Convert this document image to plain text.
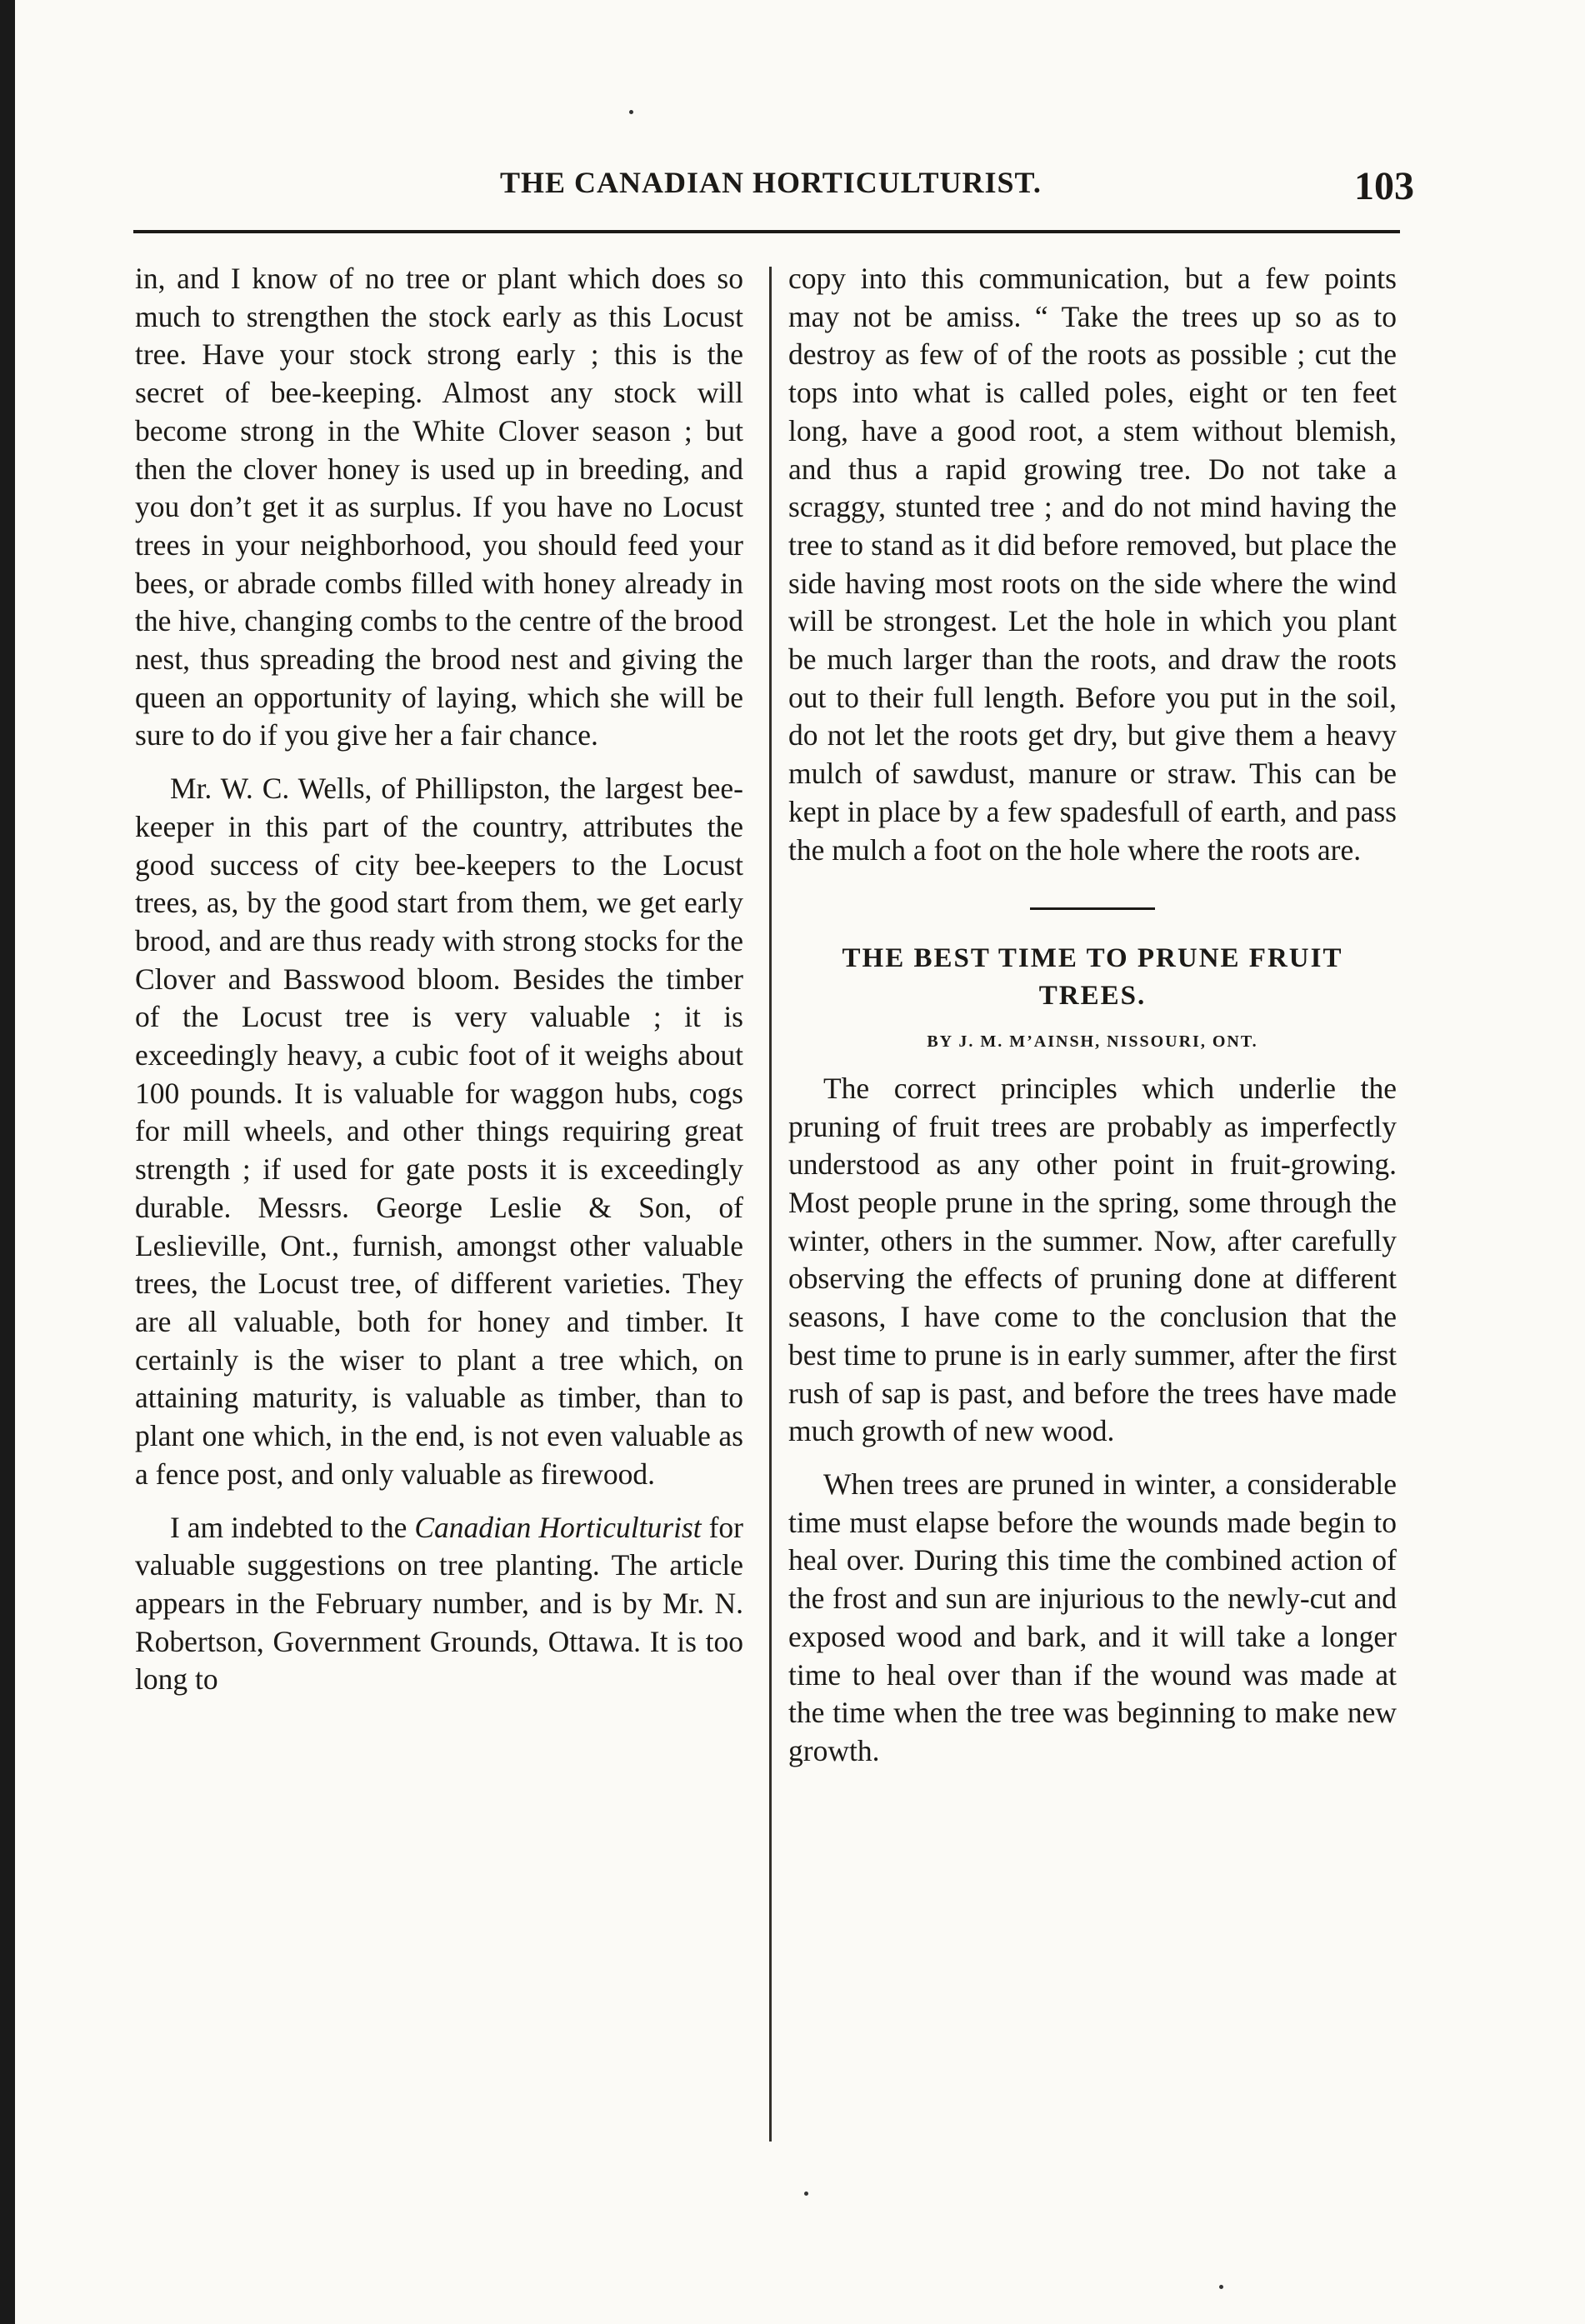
THE CANADIAN HORTICULTURIST.	103

in, and I know of no tree or plant which does so much to strengthen the stock early as this Locust tree. Have your stock strong early ; this is the secret of bee-keeping. Almost any stock will become strong in the White Clover season ; but then the clover honey is used up in breeding, and you don’t get it as surplus. If you have no Locust trees in your neighborhood, you should feed your bees, or abrade combs filled with honey already in the hive, changing combs to the centre of the brood nest, thus spreading the brood nest and giving the queen an opportunity of laying, which she will be sure to do if you give her a fair chance.

Mr. W. C. Wells, of Phillipston, the largest bee-keeper in this part of the country, attributes the good success of city bee-keepers to the Locust trees, as, by the good start from them, we get early brood, and are thus ready with strong stocks for the Clover and Basswood bloom. Besides the timber of the Locust tree is very valuable ; it is exceedingly heavy, a cubic foot of it weighs about 100 pounds. It is valuable for waggon hubs, cogs for mill wheels, and other things requiring great strength ; if used for gate posts it is exceedingly durable. Messrs. George Leslie & Son, of Leslieville, Ont., furnish, amongst other valuable trees, the Locust tree, of different varieties. They are all valuable, both for honey and timber. It certainly is the wiser to plant a tree which, on attaining maturity, is valuable as timber, than to plant one which, in the end, is not even valuable as a fence post, and only valuable as firewood.

I am indebted to the Canadian Horticulturist for valuable suggestions on tree planting. The article appears in the February number, and is by Mr. N. Robertson, Government Grounds, Ottawa. It is too long to

copy into this communication, but a few points may not be amiss. “ Take the trees up so as to destroy as few of of the roots as possible ; cut the tops into what is called poles, eight or ten feet long, have a good root, a stem without blemish, and thus a rapid growing tree. Do not take a scraggy, stunted tree ; and do not mind having the tree to stand as it did before removed, but place the side having most roots on the side where the wind will be strongest. Let the hole in which you plant be much larger than the roots, and draw the roots out to their full length. Before you put in the soil, do not let the roots get dry, but give them a heavy mulch of sawdust, manure or straw. This can be kept in place by a few spadesfull of earth, and pass the mulch a foot on the hole where the roots are.

THE BEST TIME TO PRUNE FRUIT TREES.
BY J. M. M’AINSH, NISSOURI, ONT.

The correct principles which underlie the pruning of fruit trees are probably as imperfectly understood as any other point in fruit-growing. Most people prune in the spring, some through the winter, others in the summer. Now, after carefully observing the effects of pruning done at different seasons, I have come to the conclusion that the best time to prune is in early summer, after the first rush of sap is past, and before the trees have made much growth of new wood.

When trees are pruned in winter, a considerable time must elapse before the wounds made begin to heal over. During this time the combined action of the frost and sun are injurious to the newly-cut and exposed wood and bark, and it will take a longer time to heal over than if the wound was made at the time when the tree was beginning to make new growth.
